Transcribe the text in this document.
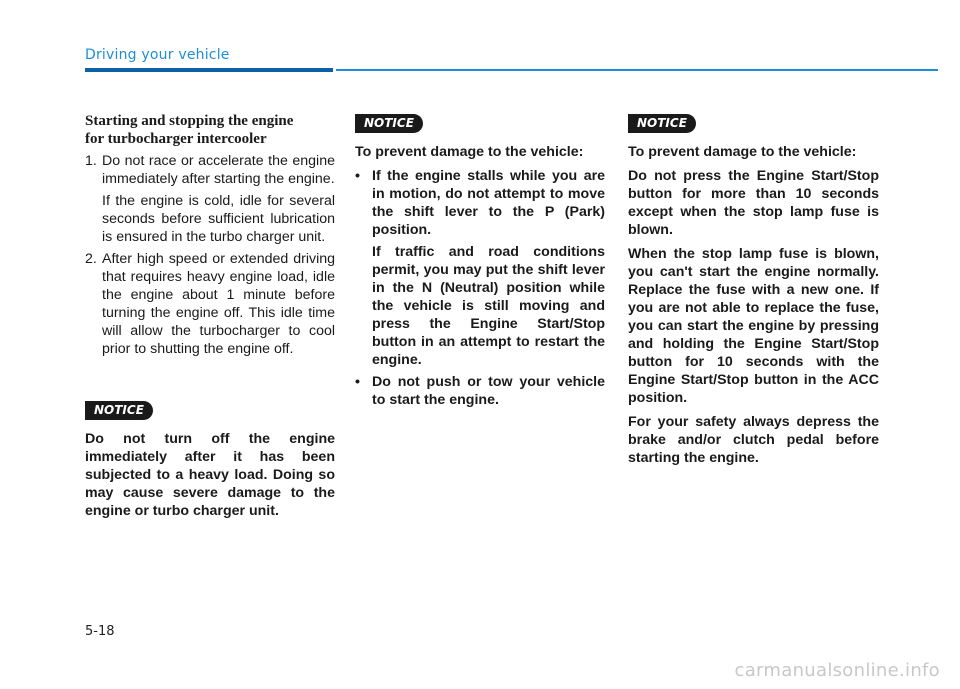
Driving your vehicle
Starting and stopping the engine
for turbocharger intercooler
1. Do not race or accelerate the engine immediately after starting the engine.

If the engine is cold, idle for several seconds before sufficient lubrication is ensured in the turbo charger unit.

2. After high speed or extended driving that requires heavy engine load, idle the engine about 1 minute before turning the engine off. This idle time will allow the turbocharger to cool prior to shutting the engine off.

NOTICE

Do not turn off the engine immediately after it has been subjected to a heavy load. Doing so may cause severe damage to the engine or turbo charger unit.

NOTICE

To prevent damage to the vehicle:

• If the engine stalls while you are in motion, do not attempt to move the shift lever to the P (Park) position.

If traffic and road conditions permit, you may put the shift lever in the N (Neutral) position while the vehicle is still moving and press the Engine Start/Stop button in an attempt to restart the engine.

• Do not push or tow your vehicle to start the engine.

NOTICE

To prevent damage to the vehicle:

Do not press the Engine Start/Stop button for more than 10 seconds except when the stop lamp fuse is blown.

When the stop lamp fuse is blown, you can't start the engine normally. Replace the fuse with a new one. If you are not able to replace the fuse, you can start the engine by pressing and holding the Engine Start/Stop button for 10 seconds with the Engine Start/Stop button in the ACC position.

For your safety always depress the brake and/or clutch pedal before starting the engine.

5-18
carmanualsonline.info
